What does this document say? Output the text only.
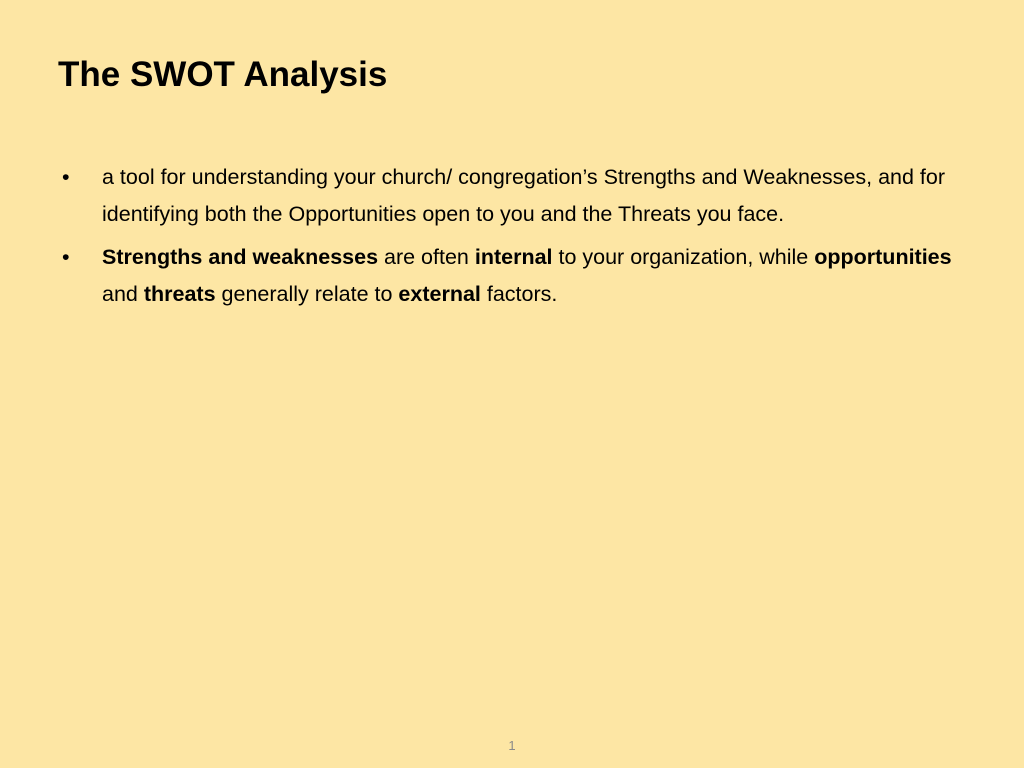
The SWOT Analysis
• a tool for understanding your church/ congregation’s Strengths and Weaknesses, and for identifying both the Opportunities open to you and the Threats you face.
• Strengths and weaknesses are often internal to your organization, while opportunities and threats generally relate to external factors.
1
